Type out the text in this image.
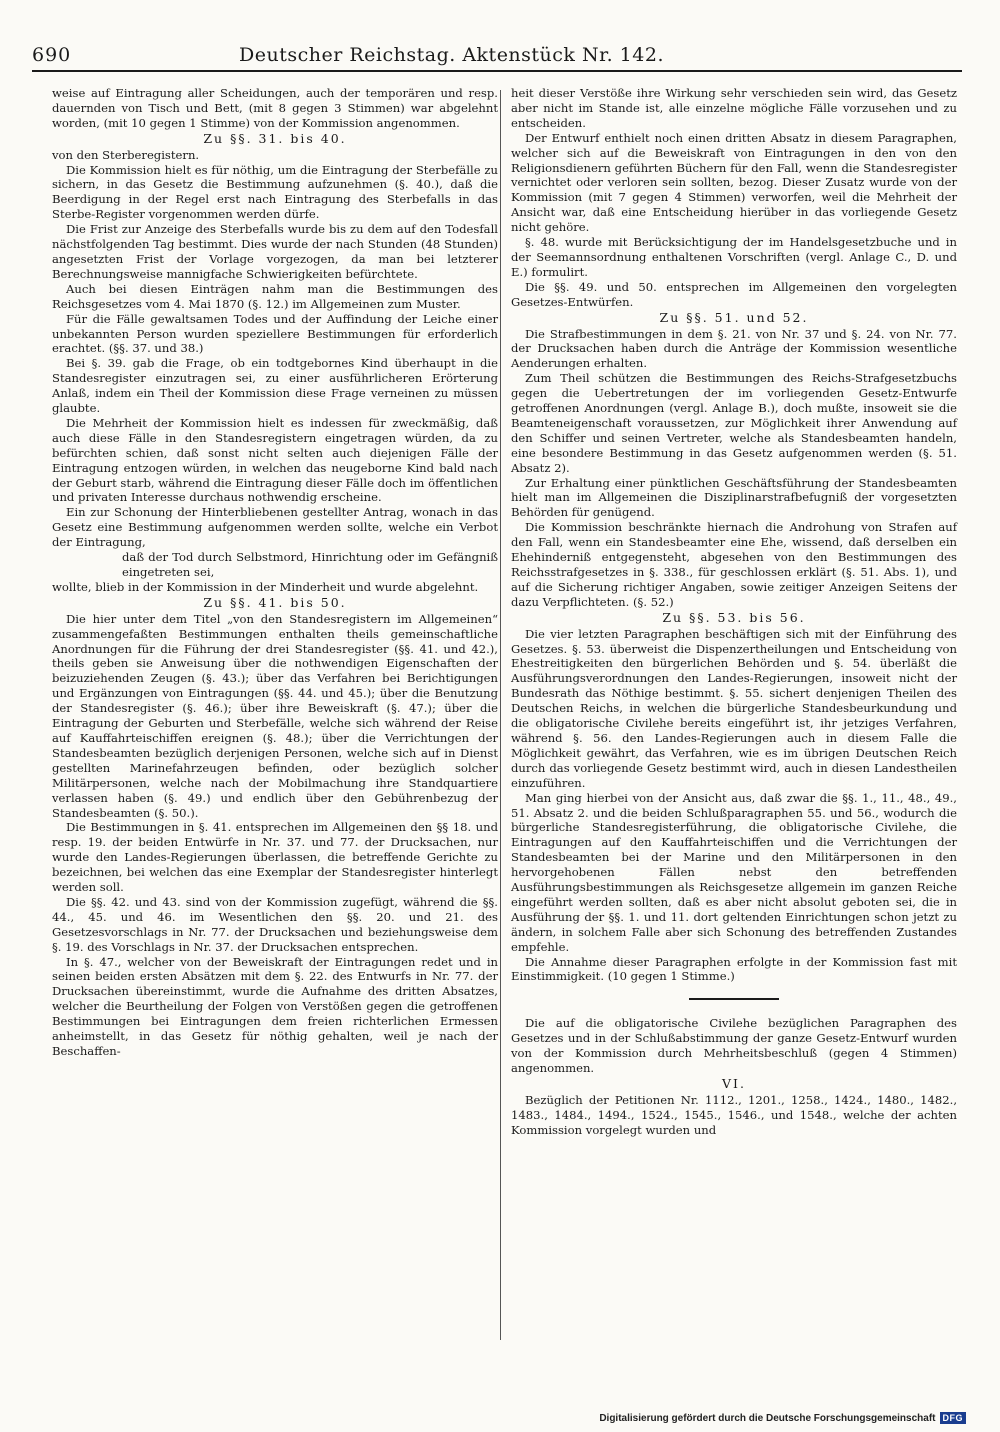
690	Deutscher Reichstag. Aktenstück Nr. 142.

weise auf Eintragung aller Scheidungen, auch der temporären und resp. dauernden von Tisch und Bett, (mit 8 gegen 3 Stimmen) war abgelehnt worden, (mit 10 gegen 1 Stimme) von der Kommission angenommen.

Zu §§. 31. bis 40.

von den Sterberegistern.

Die Kommission hielt es für nöthig, um die Eintragung der Sterbefälle zu sichern, in das Gesetz die Bestimmung aufzunehmen (§. 40.), daß die Beerdigung in der Regel erst nach Eintragung des Sterbefalls in das Sterbe-Register vorgenommen werden dürfe.

Die Frist zur Anzeige des Sterbefalls wurde bis zu dem auf den Todesfall nächstfolgenden Tag bestimmt. Dies wurde der nach Stunden (48 Stunden) angesetzten Frist der Vorlage vorgezogen, da man bei letzterer Berechnungsweise mannigfache Schwierigkeiten befürchtete.

Auch bei diesen Einträgen nahm man die Bestimmungen des Reichsgesetzes vom 4. Mai 1870 (§. 12.) im Allgemeinen zum Muster.

Für die Fälle gewaltsamen Todes und der Auffindung der Leiche einer unbekannten Person wurden speziellere Bestimmungen für erforderlich erachtet. (§§. 37. und 38.)

Bei §. 39. gab die Frage, ob ein todtgebornes Kind überhaupt in die Standesregister einzutragen sei, zu einer ausführlicheren Erörterung Anlaß, indem ein Theil der Kommission diese Frage verneinen zu müssen glaubte.

Die Mehrheit der Kommission hielt es indessen für zweckmäßig, daß auch diese Fälle in den Standesregistern eingetragen würden, da zu befürchten schien, daß sonst nicht selten auch diejenigen Fälle der Eintragung entzogen würden, in welchen das neugeborne Kind bald nach der Geburt starb, während die Eintragung dieser Fälle doch im öffentlichen und privaten Interesse durchaus nothwendig erscheine.

Ein zur Schonung der Hinterbliebenen gestellter Antrag, wonach in das Gesetz eine Bestimmung aufgenommen werden sollte, welche ein Verbot der Eintragung,

daß der Tod durch Selbstmord, Hinrichtung oder im Gefängniß eingetreten sei,

wollte, blieb in der Kommission in der Minderheit und wurde abgelehnt.

Zu §§. 41. bis 50.

Die hier unter dem Titel „von den Standesregistern im Allgemeinen“ zusammengefaßten Bestimmungen enthalten theils gemeinschaftliche Anordnungen für die Führung der drei Standesregister (§§. 41. und 42.), theils geben sie Anweisung über die nothwendigen Eigenschaften der beizuziehenden Zeugen (§. 43.); über das Verfahren bei Berichtigungen und Ergänzungen von Eintragungen (§§. 44. und 45.); über die Benutzung der Standesregister (§. 46.); über ihre Beweiskraft (§. 47.); über die Eintragung der Geburten und Sterbefälle, welche sich während der Reise auf Kauffahrteischiffen ereignen (§. 48.); über die Verrichtungen der Standesbeamten bezüglich derjenigen Personen, welche sich auf in Dienst gestellten Marinefahrzeugen befinden, oder bezüglich solcher Militärpersonen, welche nach der Mobilmachung ihre Standquartiere verlassen haben (§. 49.) und endlich über den Gebührenbezug der Standesbeamten (§. 50.).

Die Bestimmungen in §. 41. entsprechen im Allgemeinen den §§ 18. und resp. 19. der beiden Entwürfe in Nr. 37. und 77. der Drucksachen, nur wurde den Landes-Regierungen überlassen, die betreffende Gerichte zu bezeichnen, bei welchen das eine Exemplar der Standesregister hinterlegt werden soll.

Die §§. 42. und 43. sind von der Kommission zugefügt, während die §§. 44., 45. und 46. im Wesentlichen den §§. 20. und 21. des Gesetzesvorschlags in Nr. 77. der Drucksachen und beziehungsweise dem §. 19. des Vorschlags in Nr. 37. der Drucksachen entsprechen.

In §. 47., welcher von der Beweiskraft der Eintragungen redet und in seinen beiden ersten Absätzen mit dem §. 22. des Entwurfs in Nr. 77. der Drucksachen übereinstimmt, wurde die Aufnahme des dritten Absatzes, welcher die Beurtheilung der Folgen von Verstößen gegen die getroffenen Bestimmungen bei Eintragungen dem freien richterlichen Ermessen anheimstellt, in das Gesetz für nöthig gehalten, weil je nach der Beschaffen-

heit dieser Verstöße ihre Wirkung sehr verschieden sein wird, das Gesetz aber nicht im Stande ist, alle einzelne mögliche Fälle vorzusehen und zu entscheiden.

Der Entwurf enthielt noch einen dritten Absatz in diesem Paragraphen, welcher sich auf die Beweiskraft von Eintragungen in den von den Religionsdienern geführten Büchern für den Fall, wenn die Standesregister vernichtet oder verloren sein sollten, bezog. Dieser Zusatz wurde von der Kommission (mit 7 gegen 4 Stimmen) verworfen, weil die Mehrheit der Ansicht war, daß eine Entscheidung hierüber in das vorliegende Gesetz nicht gehöre.

§. 48. wurde mit Berücksichtigung der im Handelsgesetzbuche und in der Seemannsordnung enthaltenen Vorschriften (vergl. Anlage C., D. und E.) formulirt.

Die §§. 49. und 50. entsprechen im Allgemeinen den vorgelegten Gesetzes-Entwürfen.

Zu §§. 51. und 52.

Die Strafbestimmungen in dem §. 21. von Nr. 37 und §. 24. von Nr. 77. der Drucksachen haben durch die Anträge der Kommission wesentliche Aenderungen erhalten.

Zum Theil schützen die Bestimmungen des Reichs-Strafgesetzbuchs gegen die Uebertretungen der im vorliegenden Gesetz-Entwurfe getroffenen Anordnungen (vergl. Anlage B.), doch mußte, insoweit sie die Beamteneigenschaft voraussetzen, zur Möglichkeit ihrer Anwendung auf den Schiffer und seinen Vertreter, welche als Standesbeamten handeln, eine besondere Bestimmung in das Gesetz aufgenommen werden (§. 51. Absatz 2).

Zur Erhaltung einer pünktlichen Geschäftsführung der Standesbeamten hielt man im Allgemeinen die Disziplinarstrafbefugniß der vorgesetzten Behörden für genügend.

Die Kommission beschränkte hiernach die Androhung von Strafen auf den Fall, wenn ein Standesbeamter eine Ehe, wissend, daß derselben ein Ehehinderniß entgegensteht, abgesehen von den Bestimmungen des Reichsstrafgesetzes in §. 338., für geschlossen erklärt (§. 51. Abs. 1), und auf die Sicherung richtiger Angaben, sowie zeitiger Anzeigen Seitens der dazu Verpflichteten. (§. 52.)

Zu §§. 53. bis 56.

Die vier letzten Paragraphen beschäftigen sich mit der Einführung des Gesetzes. §. 53. überweist die Dispenzertheilungen und Entscheidung von Ehestreitigkeiten den bürgerlichen Behörden und §. 54. überläßt die Ausführungsverordnungen den Landes-Regierungen, insoweit nicht der Bundesrath das Nöthige bestimmt. §. 55. sichert denjenigen Theilen des Deutschen Reichs, in welchen die bürgerliche Standesbeurkundung und die obligatorische Civilehe bereits eingeführt ist, ihr jetziges Verfahren, während §. 56. den Landes-Regierungen auch in diesem Falle die Möglichkeit gewährt, das Verfahren, wie es im übrigen Deutschen Reich durch das vorliegende Gesetz bestimmt wird, auch in diesen Landestheilen einzuführen.

Man ging hierbei von der Ansicht aus, daß zwar die §§. 1., 11., 48., 49., 51. Absatz 2. und die beiden Schlußparagraphen 55. und 56., wodurch die bürgerliche Standesregisterführung, die obligatorische Civilehe, die Eintragungen auf den Kauffahrteischiffen und die Verrichtungen der Standesbeamten bei der Marine und den Militärpersonen in den hervorgehobenen Fällen nebst den betreffenden Ausführungsbestimmungen als Reichsgesetze allgemein im ganzen Reiche eingeführt werden sollten, daß es aber nicht absolut geboten sei, die in Ausführung der §§. 1. und 11. dort geltenden Einrichtungen schon jetzt zu ändern, in solchem Falle aber sich Schonung des betreffenden Zustandes empfehle.

Die Annahme dieser Paragraphen erfolgte in der Kommission fast mit Einstimmigkeit. (10 gegen 1 Stimme.)

Die auf die obligatorische Civilehe bezüglichen Paragraphen des Gesetzes und in der Schlußabstimmung der ganze Gesetz-Entwurf wurden von der Kommission durch Mehrheitsbeschluß (gegen 4 Stimmen) angenommen.

VI.

Bezüglich der Petitionen Nr. 1112., 1201., 1258., 1424., 1480., 1482., 1483., 1484., 1494., 1524., 1545., 1546., und 1548., welche der achten Kommission vorgelegt wurden und

Digitalisierung gefördert durch die Deutsche Forschungsgemeinschaft DFG
